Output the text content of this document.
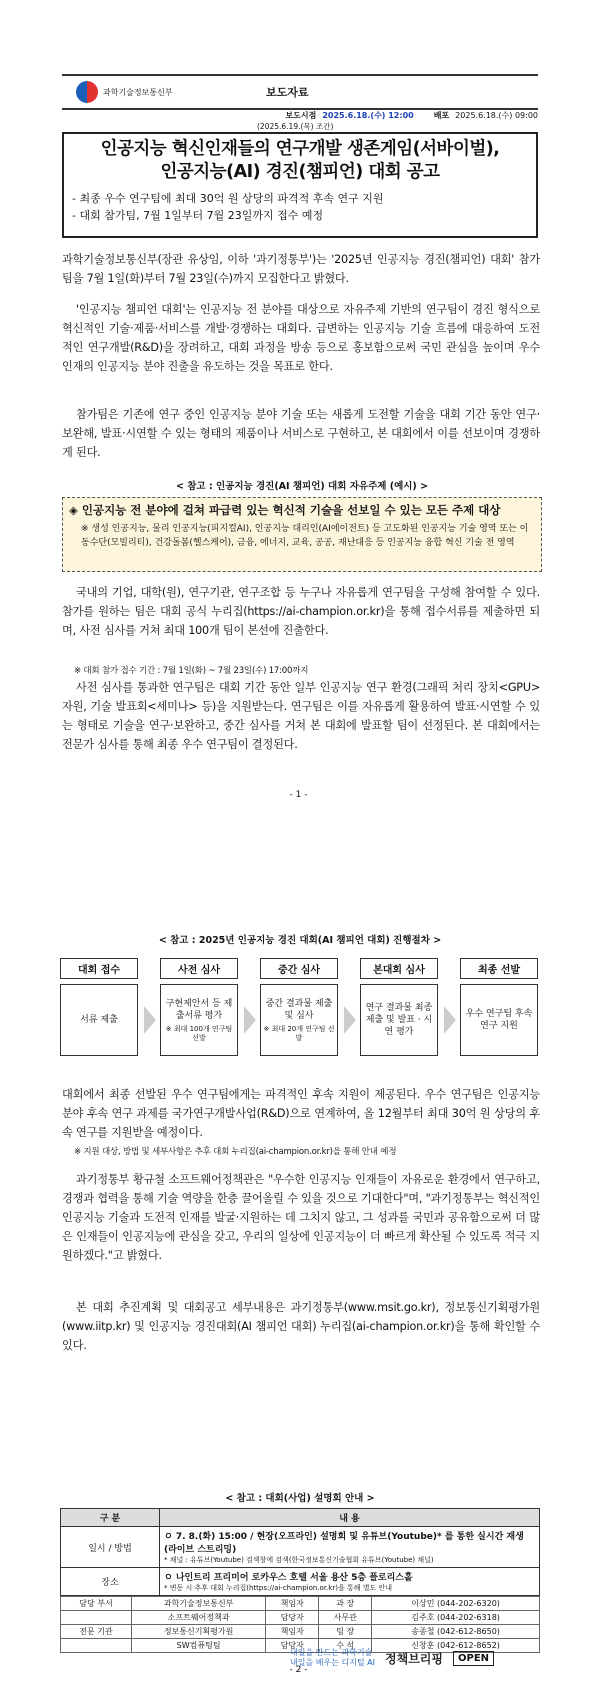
과학기술정보통신부	보도자료
보도시점 2025.6.18.(수) 12:00	배포 2025.6.18.(수) 09:00
(2025.6.19.(목) 조간)
인공지능 혁신인재들의 연구개발 생존게임(서바이벌),
인공지능(AI) 경진(챔피언) 대회 공고
- 최종 우수 연구팀에 최대 30억 원 상당의 파격적 후속 연구 지원
- 대회 참가팀, 7월 1일부터 7월 23일까지 접수 예정
과학기술정보통신부(장관 유상임, 이하 '과기정통부')는 '2025년 인공지능 경진(챔피언) 대회' 참가팀을 7월 1일(화)부터 7월 23일(수)까지 모집한다고 밝혔다.
'인공지능 챔피언 대회'는 인공지능 전 분야를 대상으로 자유주제 기반의 연구팀이 경진 형식으로 혁신적인 기술·제품·서비스를 개발·경쟁하는 대회다. 급변하는 인공지능 기술 흐름에 대응하여 도전적인 연구개발(R&D)을 장려하고, 대회 과정을 방송 등으로 홍보함으로써 국민 관심을 높이며 우수 인재의 인공지능 분야 진출을 유도하는 것을 목표로 한다.
참가팀은 기존에 연구 중인 인공지능 분야 기술 또는 새롭게 도전할 기술을 대회 기간 동안 연구·보완해, 발표·시연할 수 있는 형태의 제품이나 서비스로 구현하고, 본 대회에서 이를 선보이며 경쟁하게 된다.
< 참고 : 인공지능 경진(AI 챔피언) 대회 자유주제 (예시) >
◈ 인공지능 전 분야에 걸쳐 파급력 있는 혁신적 기술을 선보일 수 있는 모든 주제 대상
※ 생성 인공지능, 물리 인공지능(피지컬AI), 인공지능 대리인(AI에이전트) 등 고도화된 인공지능 기술 영역 또는 이동수단(모빌리티), 건강돌봄(헬스케어), 금융, 에너지, 교육, 공공, 재난대응 등 인공지능 융합 혁신 기술 전 영역
국내의 기업, 대학(원), 연구기관, 연구조합 등 누구나 자유롭게 연구팀을 구성해 참여할 수 있다. 참가를 원하는 팀은 대회 공식 누리집(https://ai-champion.or.kr)을 통해 접수서류를 제출하면 되며, 사전 심사를 거쳐 최대 100개 팀이 본선에 진출한다.
※ 대회 참가 접수 기간 : 7월 1일(화) ~ 7월 23일(수) 17:00까지
사전 심사를 통과한 연구팀은 대회 기간 동안 일부 인공지능 연구 환경(그래픽 처리 장치<GPU> 자원, 기술 발표회<세미나> 등)을 지원받는다. 연구팀은 이를 자유롭게 활용하여 발표·시연할 수 있는 형태로 기술을 연구·보완하고, 중간 심사를 거쳐 본 대회에 발표할 팀이 선정된다. 본 대회에서는 전문가 심사를 통해 최종 우수 연구팀이 결정된다.
- 1 -
< 참고 : 2025년 인공지능 경진 대회(AI 챔피언 대회) 진행절차 >
대회 접수
서류 제출
사전 심사
구현제안서 등 제출서류 평가
※ 최대 100개 연구팀 선발
중간 심사
중간 결과물 제출 및 심사
※ 최대 20개 연구팀 선발
본대회 심사
연구 결과물 최종 제출 및 발표 · 시연 평가
최종 선발
우수 연구팀 후속연구 지원
대회에서 최종 선발된 우수 연구팀에게는 파격적인 후속 지원이 제공된다. 우수 연구팀은 인공지능 분야 후속 연구 과제를 국가연구개발사업(R&D)으로 연계하여, 올 12월부터 최대 30억 원 상당의 후속 연구를 지원받을 예정이다.
※ 지원 대상, 방법 및 세부사항은 추후 대회 누리집(ai-champion.or.kr)을 통해 안내 예정
과기정통부 황규철 소프트웨어정책관은 "우수한 인공지능 인재들이 자유로운 환경에서 연구하고, 경쟁과 협력을 통해 기술 역량을 한층 끌어올릴 수 있을 것으로 기대한다"며, "과기정통부는 혁신적인 인공지능 기술과 도전적 인재를 발굴·지원하는 데 그치지 않고, 그 성과를 국민과 공유함으로써 더 많은 인재들이 인공지능에 관심을 갖고, 우리의 일상에 인공지능이 더 빠르게 확산될 수 있도록 적극 지원하겠다."고 밝혔다.
본 대회 추진계획 및 대회공고 세부내용은 과기정통부(www.msit.go.kr), 정보통신기획평가원(www.iitp.kr) 및 인공지능 경진대회(AI 챔피언 대회) 누리집(ai-champion.or.kr)을 통해 확인할 수 있다.
< 참고 : 대회(사업) 설명회 안내 >
구 분	내 용
일시 / 방법	ㅇ 7. 8.(화) 15:00 / 현장(오프라인) 설명회 및 유튜브(Youtube)* 를 통한 실시간 재생(라이브 스트리밍)
* 채널 : 유튜브(Youtube) 검색창에 검색(한국정보통신기술협회 유튜브(Youtube) 채널)

장소	ㅇ 나인트리 프리미어 로카우스 호텔 서울 용산 5층 플로리스홀
* 변동 시 추후 대회 누리집(https://ai-champion.or.kr)을 통해 별도 안내
담당 부서	과학기술정보통신부	책임자	과 장	이상민 (044-202-6320)
	소프트웨어정책과	담당자	사무관	김주호 (044-202-6318)
전문 기관	정보통신기획평가원	책임자	팀 장	송종철 (042-612-8650)
	SW컴퓨팅팀	담당자	수 석	신창훈 (042-612-8652)
내일을 만드는 과학기술
내일을 배우는 디지털 AI 정책브리핑	OPEN
- 2 -
